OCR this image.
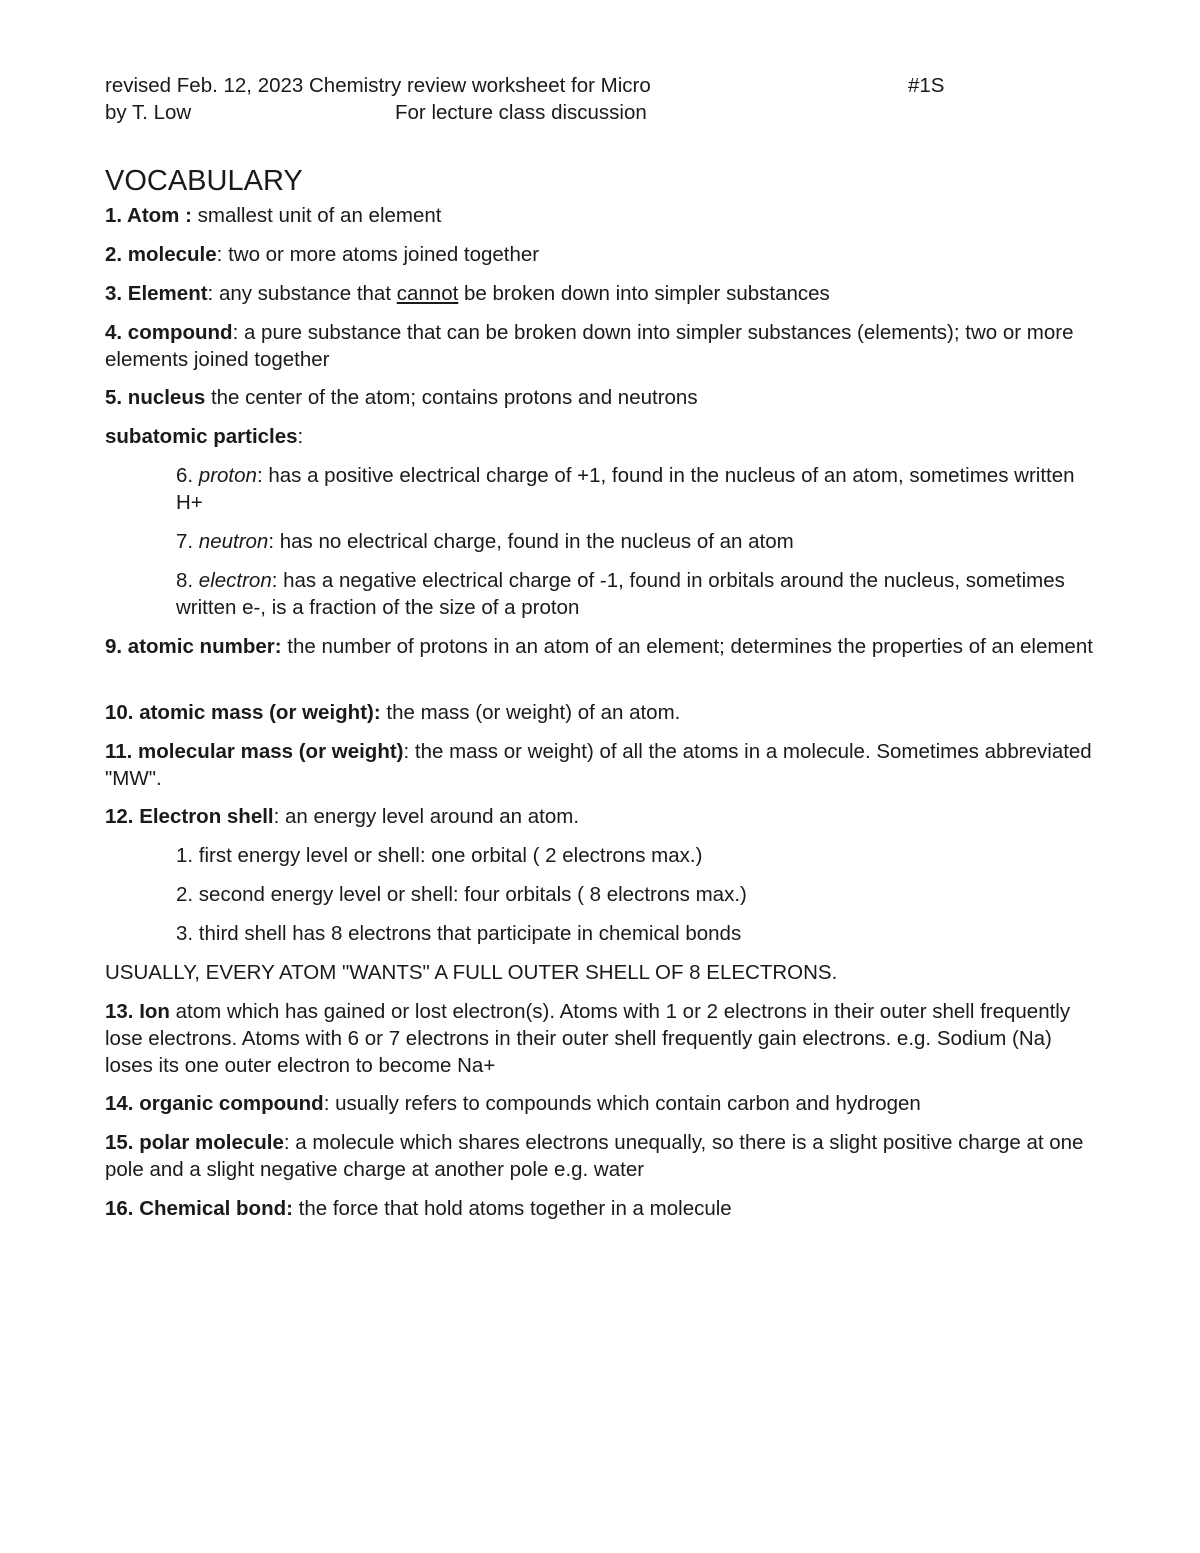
revised Feb. 12, 2023 Chemistry review worksheet for Micro	#1S
by T. Low	For lecture class discussion
VOCABULARY
1. Atom : smallest unit of an element
2. molecule: two or more atoms joined together
3. Element: any substance that cannot be broken down into simpler substances
4. compound: a pure substance that can be broken down into simpler substances (elements); two or more elements joined together
5. nucleus the center of the atom; contains protons and neutrons
subatomic particles:
6. proton: has a positive electrical charge of +1, found in the nucleus of an atom, sometimes written H+
7. neutron: has no electrical charge, found in the nucleus of an atom
8. electron: has a negative electrical charge of -1, found in orbitals around the nucleus, sometimes written e-, is a fraction of the size of a proton
9. atomic number: the number of protons in an atom of an element; determines the properties of an element
10. atomic mass (or weight): the mass (or weight) of an atom.
11. molecular mass (or weight): the mass or weight) of all the atoms in a molecule. Sometimes abbreviated "MW".
12. Electron shell: an energy level around an atom.
1. first energy level or shell: one orbital ( 2 electrons max.)
2. second energy level or shell: four orbitals ( 8 electrons max.)
3. third shell has 8 electrons that participate in chemical bonds
USUALLY, EVERY ATOM "WANTS" A FULL OUTER SHELL OF 8 ELECTRONS.
13. Ion atom which has gained or lost electron(s). Atoms with 1 or 2 electrons in their outer shell frequently lose electrons. Atoms with 6 or 7 electrons in their outer shell frequently gain electrons. e.g. Sodium (Na) loses its one outer electron to become Na+
14. organic compound: usually refers to compounds which contain carbon and hydrogen
15. polar molecule: a molecule which shares electrons unequally, so there is a slight positive charge at one pole and a slight negative charge at another pole e.g. water
16. Chemical bond: the force that hold atoms together in a molecule
